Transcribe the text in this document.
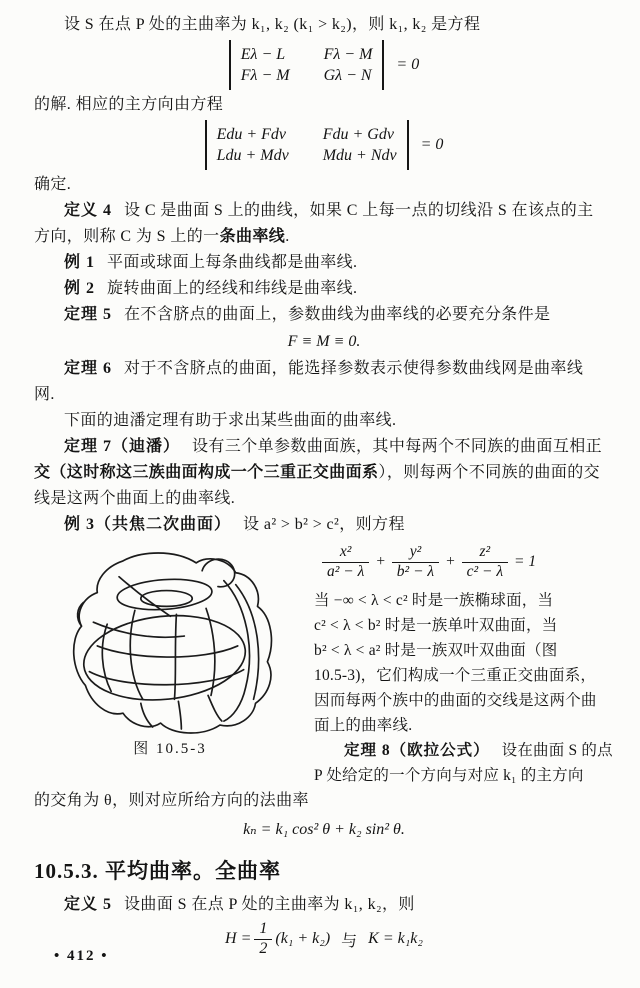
设 S 在点 P 处的主曲率为 k₁, k₂ (k₁ > k₂)，则 k₁, k₂ 是方程
Eλ − L Fλ − M
Fλ − M Gλ − N
= 0
的解. 相应的主方向由方程
Edu + Fdv Fdu + Gdv
Ldu + Mdv Mdu + Ndv
= 0
确定.
定义 4 设 C 是曲面 S 上的曲线，如果 C 上每一点的切线沿 S 在该点的主
方向，则称 C 为 S 上的一条曲率线.
例 1 平面或球面上每条曲线都是曲率线.
例 2 旋转曲面上的经线和纬线是曲率线.
定理 5 在不含脐点的曲面上，参数曲线为曲率线的必要充分条件是
F ≡ M ≡ 0.
定理 6 对于不含脐点的曲面，能选择参数表示使得参数曲线网是曲率线
网.
下面的迪潘定理有助于求出某些曲面的曲率线.
定理 7（迪潘） 设有三个单参数曲面族，其中每两个不同族的曲面互相正
交（这时称这三族曲面构成一个三重正交曲面系），则每两个不同族的曲面的交
线是这两个曲面上的曲率线.
例 3（共焦二次曲面） 设 a² > b² > c²，则方程
图 10.5-3
$\frac{\text{x²}}{\text{a² − λ}} + \frac{\text{y²}}{\text{b² − λ}} + \frac{\text{z²}}{\text{c² − λ}} = 1$
当 −∞ < λ < c² 时是一族椭球面，当
c² < λ < b² 时是一族单叶双曲面，当
b² < λ < a² 时是一族双叶双曲面（图
10.5-3)，它们构成一个三重正交曲面系，
因而每两个族中的曲面的交线是这两个曲
面上的曲率线.
定理 8（欧拉公式） 设在曲面 S 的点
P 处给定的一个方向与对应 k₁ 的主方向
的交角为 θ，则对应所给方向的法曲率
kₙ = k₁ cos² θ + k₂ sin² θ.
10.5.3. 平均曲率。全曲率
定义 5 设曲面 S 在点 P 处的主曲率为 k₁, k₂，则
$H = \frac{1}{2} (k_1 + k_2)$ 与 K = k₁k₂
• 412 •
